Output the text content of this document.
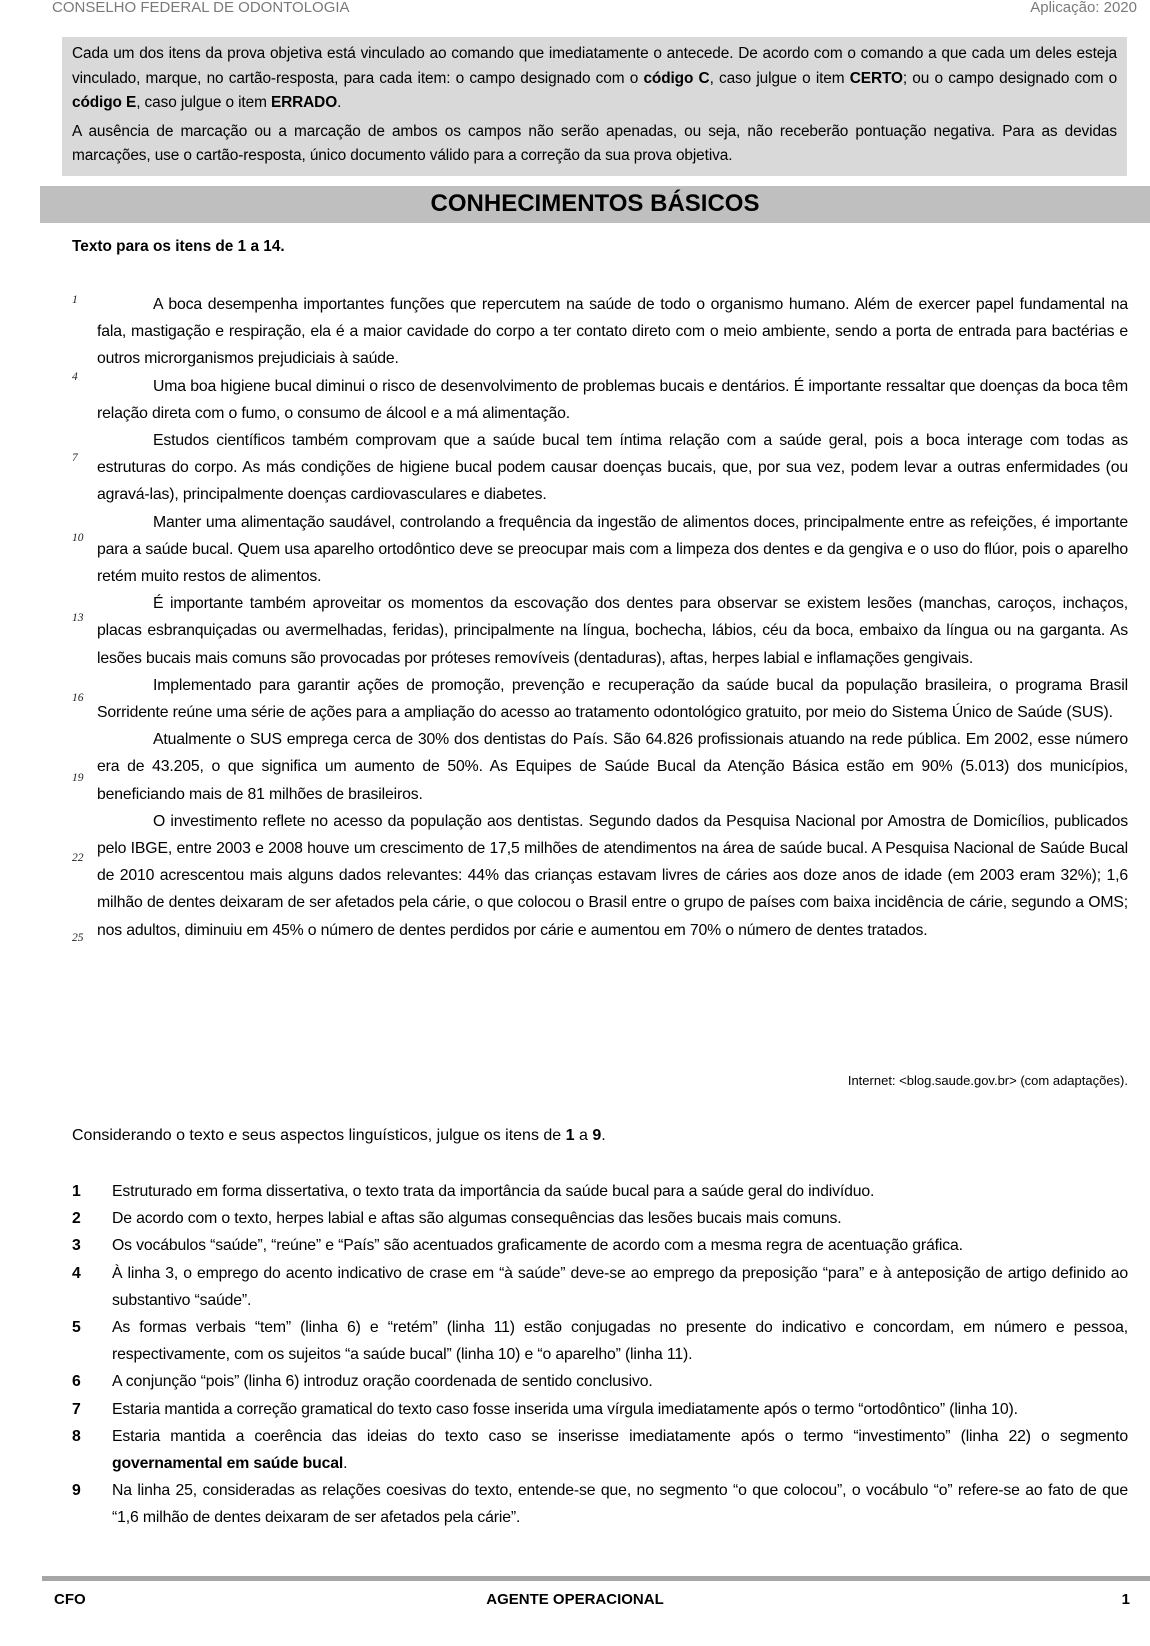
CONSELHO FEDERAL DE ODONTOLOGIA	Aplicação: 2020

Cada um dos itens da prova objetiva está vinculado ao comando que imediatamente o antecede. De acordo com o comando a que cada um deles esteja vinculado, marque, no cartão-resposta, para cada item: o campo designado com o código C, caso julgue o item CERTO; ou o campo designado com o código E, caso julgue o item ERRADO.

A ausência de marcação ou a marcação de ambos os campos não serão apenadas, ou seja, não receberão pontuação negativa. Para as devidas marcações, use o cartão-resposta, único documento válido para a correção da sua prova objetiva.

CONHECIMENTOS BÁSICOS
Texto para os itens de 1 a 14.
1
4
7
10
13
16
19
22
25

A boca desempenha importantes funções que repercutem na saúde de todo o organismo humano. Além de exercer papel fundamental na fala, mastigação e respiração, ela é a maior cavidade do corpo a ter contato direto com o meio ambiente, sendo a porta de entrada para bactérias e outros microrganismos prejudiciais à saúde.

Uma boa higiene bucal diminui o risco de desenvolvimento de problemas bucais e dentários. É importante ressaltar que doenças da boca têm relação direta com o fumo, o consumo de álcool e a má alimentação.

Estudos científicos também comprovam que a saúde bucal tem íntima relação com a saúde geral, pois a boca interage com todas as estruturas do corpo. As más condições de higiene bucal podem causar doenças bucais, que, por sua vez, podem levar a outras enfermidades (ou agravá-las), principalmente doenças cardiovasculares e diabetes.

Manter uma alimentação saudável, controlando a frequência da ingestão de alimentos doces, principalmente entre as refeições, é importante para a saúde bucal. Quem usa aparelho ortodôntico deve se preocupar mais com a limpeza dos dentes e da gengiva e o uso do flúor, pois o aparelho retém muito restos de alimentos.

É importante também aproveitar os momentos da escovação dos dentes para observar se existem lesões (manchas, caroços, inchaços, placas esbranquiçadas ou avermelhadas, feridas), principalmente na língua, bochecha, lábios, céu da boca, embaixo da língua ou na garganta. As lesões bucais mais comuns são provocadas por próteses removíveis (dentaduras), aftas, herpes labial e inflamações gengivais.

Implementado para garantir ações de promoção, prevenção e recuperação da saúde bucal da população brasileira, o programa Brasil Sorridente reúne uma série de ações para a ampliação do acesso ao tratamento odontológico gratuito, por meio do Sistema Único de Saúde (SUS).

Atualmente o SUS emprega cerca de 30% dos dentistas do País. São 64.826 profissionais atuando na rede pública. Em 2002, esse número era de 43.205, o que significa um aumento de 50%. As Equipes de Saúde Bucal da Atenção Básica estão em 90% (5.013) dos municípios, beneficiando mais de 81 milhões de brasileiros.

O investimento reflete no acesso da população aos dentistas. Segundo dados da Pesquisa Nacional por Amostra de Domicílios, publicados pelo IBGE, entre 2003 e 2008 houve um crescimento de 17,5 milhões de atendimentos na área de saúde bucal. A Pesquisa Nacional de Saúde Bucal de 2010 acrescentou mais alguns dados relevantes: 44% das crianças estavam livres de cáries aos doze anos de idade (em 2003 eram 32%); 1,6 milhão de dentes deixaram de ser afetados pela cárie, o que colocou o Brasil entre o grupo de países com baixa incidência de cárie, segundo a OMS; nos adultos, diminuiu em 45% o número de dentes perdidos por cárie e aumentou em 70% o número de dentes tratados.

Internet: <blog.saude.gov.br> (com adaptações).
Considerando o texto e seus aspectos linguísticos, julgue os itens de 1 a 9.
1	Estruturado em forma dissertativa, o texto trata da importância da saúde bucal para a saúde geral do indivíduo.
2	De acordo com o texto, herpes labial e aftas são algumas consequências das lesões bucais mais comuns.
3	Os vocábulos “saúde”, “reúne” e “País” são acentuados graficamente de acordo com a mesma regra de acentuação gráfica.
4	À linha 3, o emprego do acento indicativo de crase em “à saúde” deve-se ao emprego da preposição “para” e à anteposição de artigo definido ao substantivo “saúde”.
5	As formas verbais “tem” (linha 6) e “retém” (linha 11) estão conjugadas no presente do indicativo e concordam, em número e pessoa, respectivamente, com os sujeitos “a saúde bucal” (linha 10) e “o aparelho” (linha 11).
6	A conjunção “pois” (linha 6) introduz oração coordenada de sentido conclusivo.
7	Estaria mantida a correção gramatical do texto caso fosse inserida uma vírgula imediatamente após o termo “ortodôntico” (linha 10).
8	Estaria mantida a coerência das ideias do texto caso se inserisse imediatamente após o termo “investimento” (linha 22) o segmento governamental em saúde bucal.
9	Na linha 25, consideradas as relações coesivas do texto, entende-se que, no segmento “o que colocou”, o vocábulo “o” refere-se ao fato de que “1,6 milhão de dentes deixaram de ser afetados pela cárie”.
CFO	AGENTE OPERACIONAL	1
